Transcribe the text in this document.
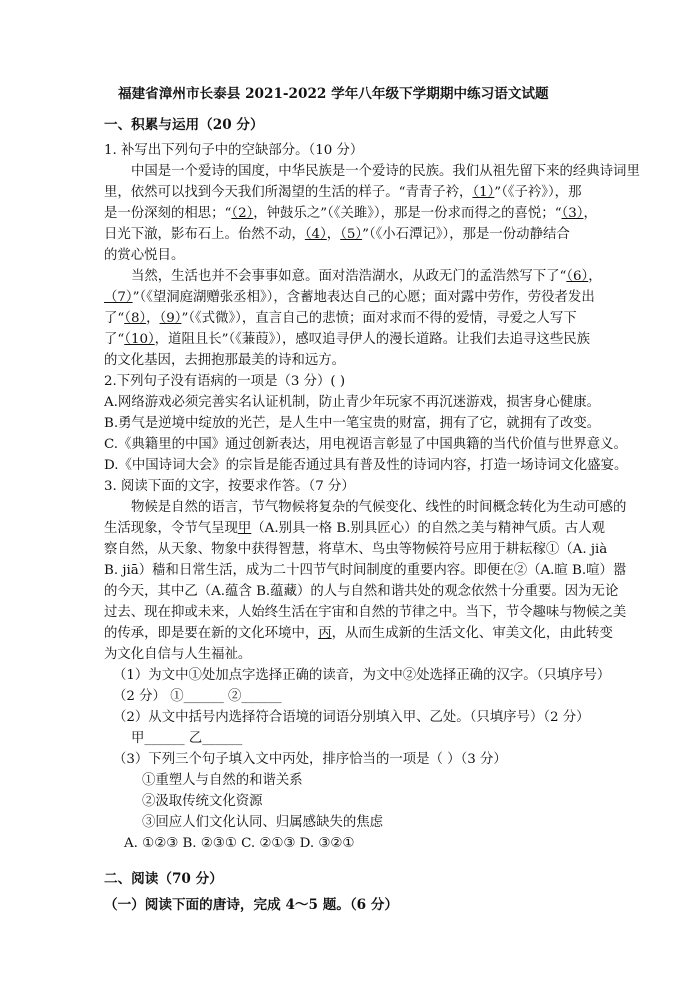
福建省漳州市长泰县 2021-2022 学年八年级下学期期中练习语文试题
一、积累与运用（20 分）
1. 补写出下列句子中的空缺部分。（10 分）
中国是一个爱诗的国度，中华民族是一个爱诗的民族。我们从祖先留下来的经典诗词里
里，依然可以找到今天我们所渴望的生活的样子。“青青子衿，（1）”（《子衿》），那
是一份深刻的相思；“（2），钟鼓乐之”（《关雎》），那是一份求而得之的喜悦；“（3），
日光下澈，影布石上。佁然不动，（4），（5）”（《小石潭记》），那是一份动静结合
的赏心悦目。
当然，生活也并不会事事如意。面对浩浩湖水，从政无门的孟浩然写下了“（6），
（7）”（《望洞庭湖赠张丞相》），含蓄地表达自己的心愿；面对露中劳作，劳役者发出
了“（8），（9）”（《式微》），直言自己的悲愤；面对求而不得的爱情，寻爱之人写下
了“（10），道阻且长”（《蒹葭》），感叹追寻伊人的漫长道路。让我们去追寻这些民族
的文化基因，去拥抱那最美的诗和远方。
2.下列句子没有语病的一项是（3 分）( )
A.网络游戏必须完善实名认证机制，防止青少年玩家不再沉迷游戏，损害身心健康。
B.勇气是逆境中绽放的光芒，是人生中一笔宝贵的财富，拥有了它，就拥有了改变。
C.《典籍里的中国》通过创新表达，用电视语言彰显了中国典籍的当代价值与世界意义。
D.《中国诗词大会》的宗旨是能否通过具有普及性的诗词内容，打造一场诗词文化盛宴。
3. 阅读下面的文字，按要求作答。（7 分）
物候是自然的语言，节气物候将复杂的气候变化、线性的时间概念转化为生动可感的
生活现象，令节气呈现甲（A.别具一格 B.别具匠心）的自然之美与精神气质。古人观
察自然，从天象、物象中获得智慧，将草木、鸟虫等物候符号应用于耕耘稼①（A. jià
B. jiā）穑和日常生活，成为二十四节气时间制度的重要内容。即便在②（A.暄 B.喧）嚣
的今天，其中乙（A.蕴含 B.蕴藏）的人与自然和谐共处的观念依然十分重要。因为无论
过去、现在抑或未来，人始终生活在宇宙和自然的节律之中。当下，节令趣味与物候之美
的传承，即是要在新的文化环境中，丙，从而生成新的生活文化、审美文化，由此转变
为文化自信与人生福祉。
（1）为文中①处加点字选择正确的读音，为文中②处选择正确的汉字。（只填序号）
（2 分） ①______ ②______
（2）从文中括号内选择符合语境的词语分别填入甲、乙处。（只填序号）（2 分）
甲______ 乙______
（3）下列三个句子填入文中丙处，排序恰当的一项是（ ）（3 分）
①重塑人与自然的和谐关系
②汲取传统文化资源
③回应人们文化认同、归属感缺失的焦虑
A. ①②③ B. ②③① C. ②①③ D. ③②①
二、阅读（70 分）
（一）阅读下面的唐诗，完成 4～5 题。（6 分）
